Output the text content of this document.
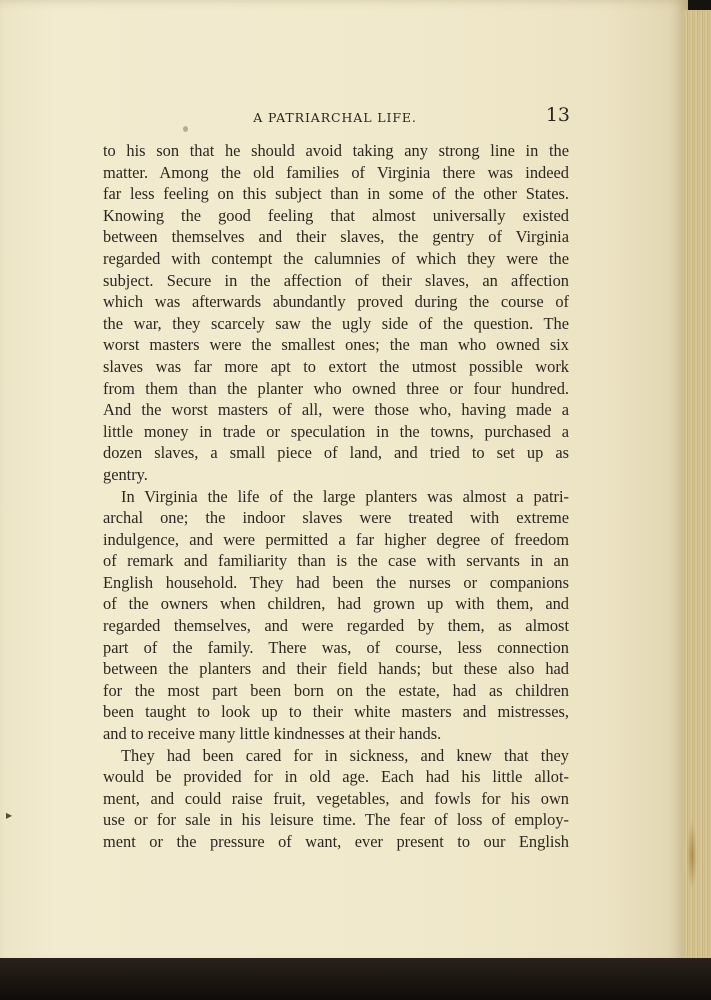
A PATRIARCHAL LIFE.	13

to his son that he should avoid taking any strong line in the
matter. Among the old families of Virginia there was indeed
far less feeling on this subject than in some of the other States.
Knowing the good feeling that almost universally existed
between themselves and their slaves, the gentry of Virginia
regarded with contempt the calumnies of which they were the
subject. Secure in the affection of their slaves, an affection
which was afterwards abundantly proved during the course of
the war, they scarcely saw the ugly side of the question. The
worst masters were the smallest ones; the man who owned six
slaves was far more apt to extort the utmost possible work
from them than the planter who owned three or four hundred.
And the worst masters of all, were those who, having made a
little money in trade or speculation in the towns, purchased a
dozen slaves, a small piece of land, and tried to set up as
gentry.

In Virginia the life of the large planters was almost a patri-
archal one; the indoor slaves were treated with extreme
indulgence, and were permitted a far higher degree of freedom
of remark and familiarity than is the case with servants in an
English household. They had been the nurses or companions
of the owners when children, had grown up with them, and
regarded themselves, and were regarded by them, as almost
part of the family. There was, of course, less connection
between the planters and their field hands; but these also had
for the most part been born on the estate, had as children
been taught to look up to their white masters and mistresses,
and to receive many little kindnesses at their hands.

They had been cared for in sickness, and knew that they
would be provided for in old age. Each had his little allot-
ment, and could raise fruit, vegetables, and fowls for his own
use or for sale in his leisure time. The fear of loss of employ-
ment or the pressure of want, ever present to our English

▸
